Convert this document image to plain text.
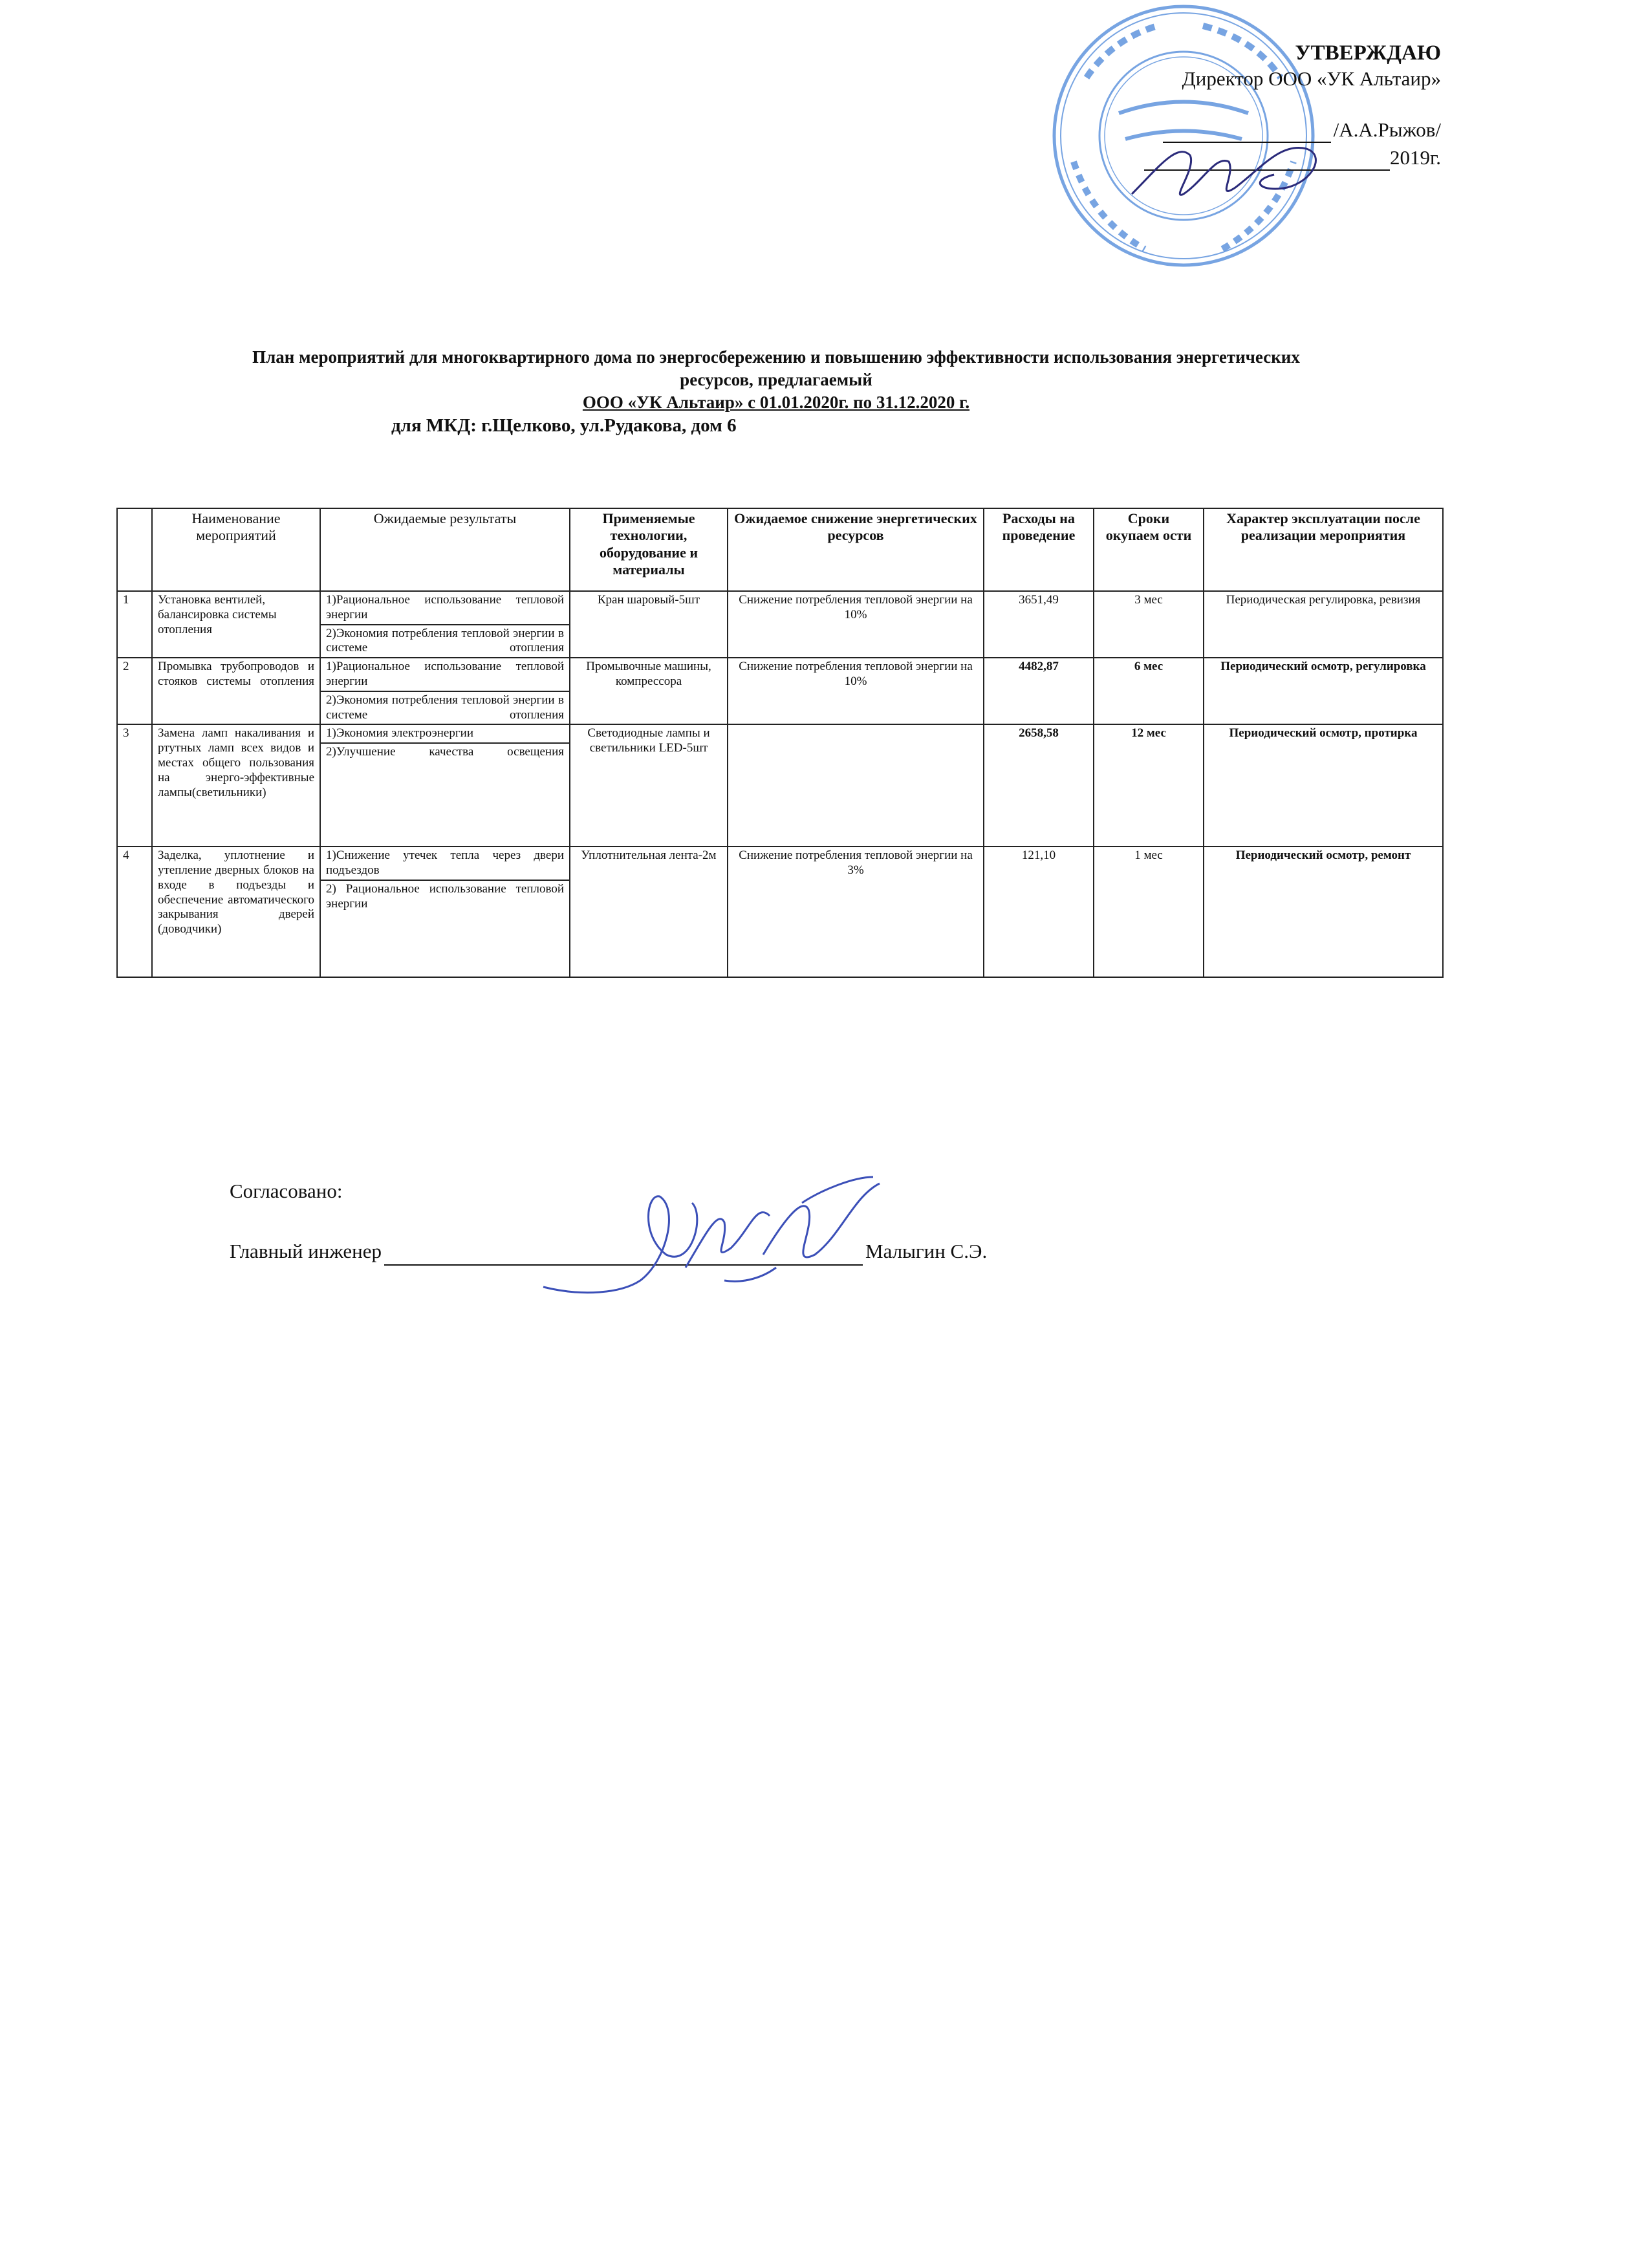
УТВЕРЖДАЮ
Директор ООО «УК Альтаир»
/А.А.Рыжов/
2019г.
План мероприятий для многоквартирного дома по энергосбережению и повышению эффективности использования энергетических
ресурсов, предлагаемый
ООО «УК Альтаир» с 01.01.2020г. по 31.12.2020 г.
для МКД: г.Щелково, ул.Рудакова, дом 6
	Наименование мероприятий	Ожидаемые результаты	Применяемые технологии, оборудование и материалы	Ожидаемое снижение энергетических ресурсов	Расходы на проведение	Сроки окупаем ости	Характер эксплуатации после реализации мероприятия
1	Установка вентилей, балансировка системы отопления	1)Рациональное использование тепловой энергии	Кран шаровый-5шт	Снижение потребления тепловой энергии на 10%	3651,49	3 мес	Периодическая регулировка, ревизия
		2)Экономия потребления тепловой энергии в системе отопления					
2	Промывка трубопроводов и стояков системы отопления	1)Рациональное использование тепловой энергии	Промывочные машины, компрессора	Снижение потребления тепловой энергии на 10%	4482,87	6 мес	Периодический осмотр, регулировка
		2)Экономия потребления тепловой энергии в системе отопления					
3	Замена ламп накаливания и ртутных ламп всех видов и местах общего пользования на энерго-эффективные лампы(светильники)	1)Экономия электроэнергии	Светодиодные лампы и светильники LED-5шт		2658,58	12 мес	Периодический осмотр, протирка
		2)Улучшение качества освещения					
4	Заделка, уплотнение и утепление дверных блоков на входе в подъезды и обеспечение автоматического закрывания дверей (доводчики)	1)Снижение утечек тепла через двери подъездов	Уплотнительная лента-2м	Снижение потребления тепловой энергии на 3%	121,10	1 мес	Периодический осмотр, ремонт
		2) Рациональное использование тепловой энергии					
Согласовано:
Главный инженер	Малыгин С.Э.
